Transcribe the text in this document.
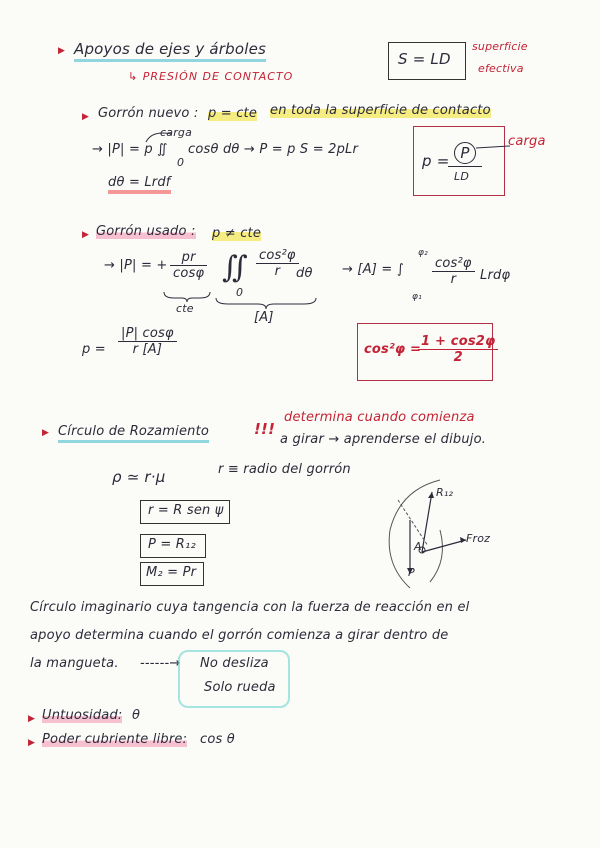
▶ Apoyos de ejes y árboles
↳ PRESIÓN DE CONTACTO
S = LD
superficie
efectiva
▶ Gorrón nuevo : p = cte en toda la superficie de contacto
carga
→ |P| = p ∬
0
cosθ dθ → P = p S = 2pLr
dθ = Lrdf
p = P
LD
carga
▶ Gorrón usado : p ≠ cte
→ |P| = + $\frac{pr}{\cos\varphi}$
cte
∬
0
$\frac{\text{cos²φ}}{r}$
dθ
[A]
→ [A] = ∫
φ₂
φ₁
$\frac{\text{cos²φ}}{r}$ Lrdφ
$p = \frac{|P| \cos\varphi}{r [A]}$	cos²φ =
$\frac{1 + \cos 2\varphi}{2}$
▶ Círculo de Rozamiento	!!!
determina cuando comienza
a girar → aprenderse el dibujo.
ρ ≃ r·μ	r ≡ radio del gorrón
r = R sen ψ
P = R₁₂
M₂ = Pr
R₁₂
Froz
P
A
Círculo imaginario cuya tangencia con la fuerza de reacción en el
apoyo determina cuando el gorrón comienza a girar dentro de
la mangueta. ------→ No desliza
Solo rueda
▶ Untuosidad: θ
▶ Poder cubriente libre: cos θ
